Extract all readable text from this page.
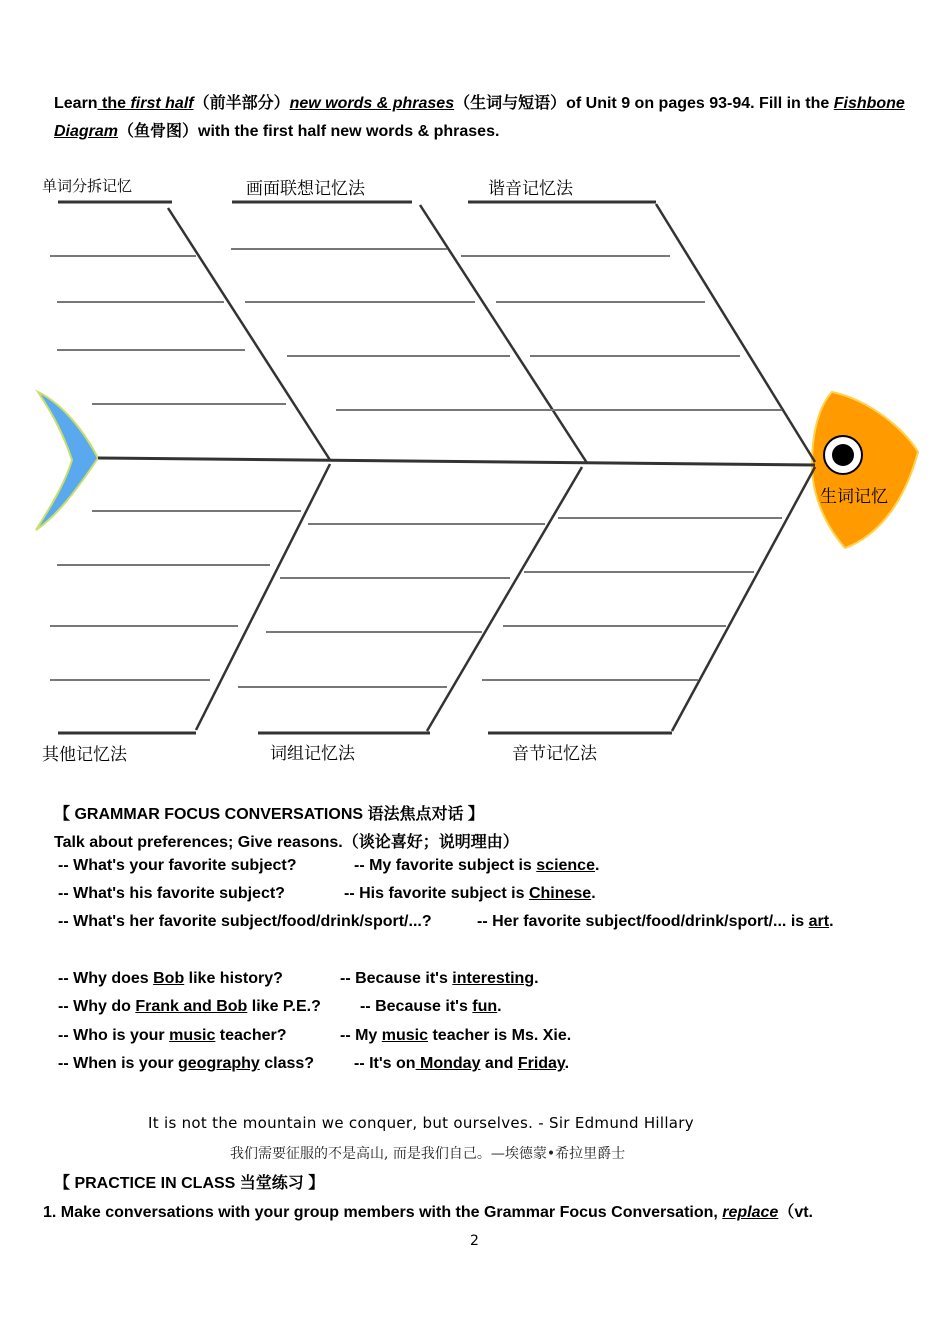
Learn the first half（前半部分）new words & phrases（生词与短语）of Unit 9 on pages 93-94. Fill in the Fishbone Diagram（鱼骨图）with the first half new words & phrases.
单词分拆记忆	画面联想记忆法	谐音记忆法
其他记忆法	词组记忆法	音节记忆法
生词记忆
【 GRAMMAR FOCUS CONVERSATIONS 语法焦点对话 】
Talk about preferences; Give reasons.（谈论喜好；说明理由）
-- What's your favorite subject?	-- My favorite subject is science.
-- What's his favorite subject?	-- His favorite subject is Chinese.
-- What's her favorite subject/food/drink/sport/...?	-- Her favorite subject/food/drink/sport/... is art.
-- Why does Bob like history?	-- Because it's interesting.
-- Why do Frank and Bob like P.E.? -- Because it's fun.
-- Who is your music teacher?	-- My music teacher is Ms. Xie.
-- When is your geography class? -- It's on Monday and Friday.
It is not the mountain we conquer, but ourselves. - Sir Edmund Hillary
我们需要征服的不是高山, 而是我们自己。—埃德蒙•希拉里爵士
【 PRACTICE IN CLASS 当堂练习 】
1. Make conversations with your group members with the Grammar Focus Conversation, replace（vt.
2
